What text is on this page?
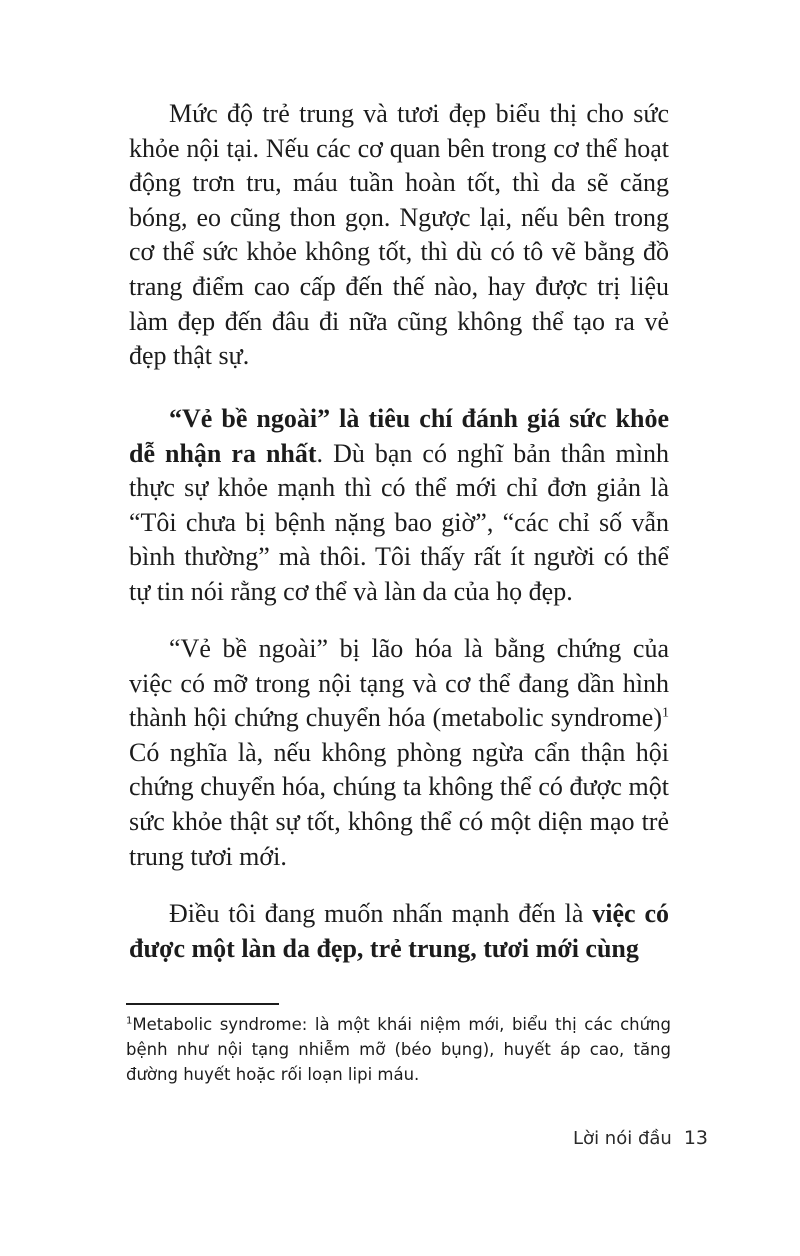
Mức độ trẻ trung và tươi đẹp biểu thị cho sức khỏe nội tại. Nếu các cơ quan bên trong cơ thể hoạt động trơn tru, máu tuần hoàn tốt, thì da sẽ căng bóng, eo cũng thon gọn. Ngược lại, nếu bên trong cơ thể sức khỏe không tốt, thì dù có tô vẽ bằng đồ trang điểm cao cấp đến thế nào, hay được trị liệu làm đẹp đến đâu đi nữa cũng không thể tạo ra vẻ đẹp thật sự.

“Vẻ bề ngoài” là tiêu chí đánh giá sức khỏe dễ nhận ra nhất. Dù bạn có nghĩ bản thân mình thực sự khỏe mạnh thì có thể mới chỉ đơn giản là “Tôi chưa bị bệnh nặng bao giờ”, “các chỉ số vẫn bình thường” mà thôi. Tôi thấy rất ít người có thể tự tin nói rằng cơ thể và làn da của họ đẹp.

“Vẻ bề ngoài” bị lão hóa là bằng chứng của việc có mỡ trong nội tạng và cơ thể đang dần hình thành hội chứng chuyển hóa (metabolic syndrome)$^1$ Có nghĩa là, nếu không phòng ngừa cẩn thận hội chứng chuyển hóa, chúng ta không thể có được một sức khỏe thật sự tốt, không thể có một diện mạo trẻ trung tươi mới.

Điều tôi đang muốn nhấn mạnh đến là việc có được một làn da đẹp, trẻ trung, tươi mới cùng

$^1$Metabolic syndrome: là một khái niệm mới, biểu thị các chứng bệnh như nội tạng nhiễm mỡ (béo bụng), huyết áp cao, tăng đường huyết hoặc rối loạn lipi máu.

Lời nói đầu 13
